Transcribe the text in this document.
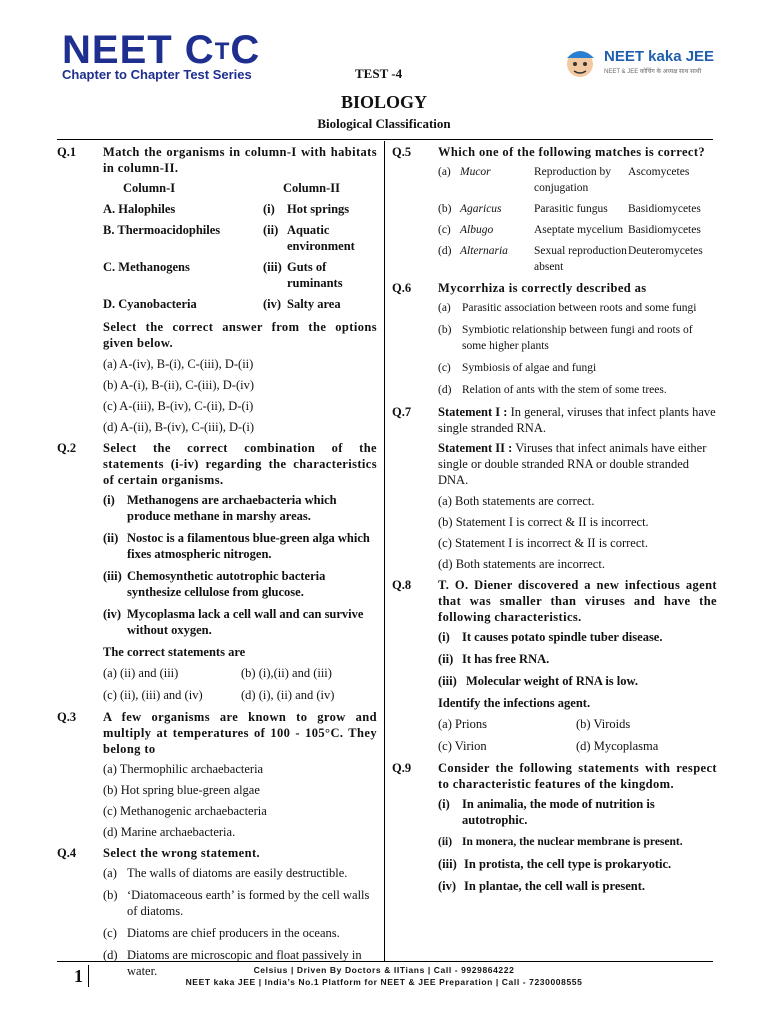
NEET CTC
Chapter to Chapter Test Series	TEST -4
NEET kaka JEE
NEET & JEE कोचिंग के अध्यक्ष साथ साथी
BIOLOGY
Biological Classification
Q.1	Match the organisms in column-I with habitats in column-II.
Column-I	Column-II	
A. Halophiles	(i)	Hot springs
B. Thermoacidophiles	(ii)	Aquatic environment
C. Methanogens	(iii)	Guts of ruminants
D. Cyanobacteria	(iv)	Salty area
Select the correct answer from the options given below.
(a) A-(iv), B-(i), C-(iii), D-(ii)
(b) A-(i), B-(ii), C-(iii), D-(iv)
(c) A-(iii), B-(iv), C-(ii), D-(i)
(d) A-(ii), B-(iv), C-(iii), D-(i)
Q.2	Select the correct combination of the statements (i-iv) regarding the characteristics of certain organisms.
(i) Methanogens are archaebacteria which produce methane in marshy areas.
(ii) Nostoc is a filamentous blue-green alga which fixes atmospheric nitrogen.
(iii) Chemosynthetic autotrophic bacteria synthesize cellulose from glucose.
(iv) Mycoplasma lack a cell wall and can survive without oxygen.
The correct statements are
(a) (ii) and (iii)	(b) (i),(ii) and (iii)
(c) (ii), (iii) and (iv)	(d) (i), (ii) and (iv)
Q.3	A few organisms are known to grow and multiply at temperatures of 100 - 105°C. They belong to
(a) Thermophilic archaebacteria
(b) Hot spring blue-green algae
(c) Methanogenic archaebacteria
(d) Marine archaebacteria.
Q.4	Select the wrong statement.
(a) The walls of diatoms are easily destructible.
(b) ‘Diatomaceous earth’ is formed by the cell walls of diatoms.
(c) Diatoms are chief producers in the oceans.
(d) Diatoms are microscopic and float passively in water.
Q.5	Which one of the following matches is correct?
(a)	Mucor	Reproduction by conjugation	Ascomycetes
(b)	Agaricus	Parasitic fungus	Basidiomycetes
(c)	Albugo	Aseptate mycelium	Basidiomycetes
(d)	Alternaria	Sexual reproduction absent	Deuteromycetes
Q.6	Mycorrhiza is correctly described as
(a) Parasitic association between roots and some fungi
(b) Symbiotic relationship between fungi and roots of some higher plants
(c) Symbiosis of algae and fungi
(d) Relation of ants with the stem of some trees.
Q.7	Statement I : In general, viruses that infect plants have single stranded RNA.
Statement II : Viruses that infect animals have either single or double stranded RNA or double stranded DNA.
(a) Both statements are correct.
(b) Statement I is correct & II is incorrect.
(c) Statement I is incorrect & II is correct.
(d) Both statements are incorrect.
Q.8	T. O. Diener discovered a new infectious agent that was smaller than viruses and have the following characteristics.
(i) It causes potato spindle tuber disease.
(ii) It has free RNA.
(iii) Molecular weight of RNA is low.
Identify the infections agent.
(a) Prions	(b) Viroids
(c) Virion	(d) Mycoplasma
Q.9	Consider the following statements with respect to characteristic features of the kingdom.
(i) In animalia, the mode of nutrition is autotrophic.
(ii) In monera, the nuclear membrane is present.
(iii) In protista, the cell type is prokaryotic.
(iv) In plantae, the cell wall is present.
1	Celsius | Driven By Doctors & IITians | Call - 9929864222
NEET kaka JEE | India’s No.1 Platform for NEET & JEE Preparation | Call - 7230008555
